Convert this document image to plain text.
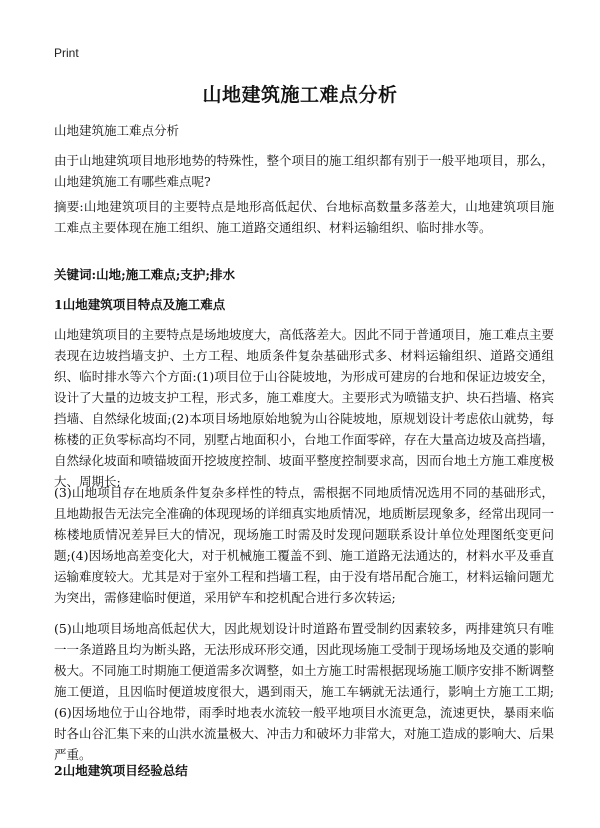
Print
山地建筑施工难点分析
山地建筑施工难点分析
由于山地建筑项目地形地势的特殊性，整个项目的施工组织都有别于一般平地项目，那么，山地建筑施工有哪些难点呢?
摘要:山地建筑项目的主要特点是地形高低起伏、台地标高数量多落差大，山地建筑项目施工难点主要体现在施工组织、施工道路交通组织、材料运输组织、临时排水等。
关键词:山地;施工难点;支护;排水
1山地建筑项目特点及施工难点
山地建筑项目的主要特点是场地坡度大，高低落差大。因此不同于普通项目，施工难点主要表现在边坡挡墙支护、土方工程、地质条件复杂基础形式多、材料运输组织、道路交通组织、临时排水等六个方面:(1)项目位于山谷陡坡地，为形成可建房的台地和保证边坡安全，设计了大量的边坡支护工程，形式多，施工难度大。主要形式为喷锚支护、块石挡墙、格宾挡墙、自然绿化坡面;(2)本项目场地原始地貌为山谷陡坡地，原规划设计考虑依山就势，每栋楼的正负零标高均不同，别墅占地面积小，台地工作面零碎，存在大量高边坡及高挡墙，自然绿化坡面和喷锚坡面开挖坡度控制、坡面平整度控制要求高，因而台地土方施工难度极大、周期长;
(3)山地项目存在地质条件复杂多样性的特点，需根据不同地质情况选用不同的基础形式，且地勘报告无法完全准确的体现现场的详细真实地质情况，地质断层现象多，经常出现同一栋楼地质情况差异巨大的情况，现场施工时需及时发现问题联系设计单位处理图纸变更问题;(4)因场地高差变化大，对于机械施工覆盖不到、施工道路无法通达的，材料水平及垂直运输难度较大。尤其是对于室外工程和挡墙工程，由于没有塔吊配合施工，材料运输问题尤为突出，需修建临时便道，采用铲车和挖机配合进行多次转运;
(5)山地项目场地高低起伏大，因此规划设计时道路布置受制约因素较多，两排建筑只有唯一一条道路且均为断头路，无法形成环形交通，因此现场施工受制于现场场地及交通的影响极大。不同施工时期施工便道需多次调整，如土方施工时需根据现场施工顺序安排不断调整施工便道，且因临时便道坡度很大，遇到雨天，施工车辆就无法通行，影响土方施工工期;(6)因场地位于山谷地带，雨季时地表水流较一般平地项目水流更急，流速更快，暴雨来临时各山谷汇集下来的山洪水流量极大、冲击力和破坏力非常大，对施工造成的影响大、后果严重。
2山地建筑项目经验总结
